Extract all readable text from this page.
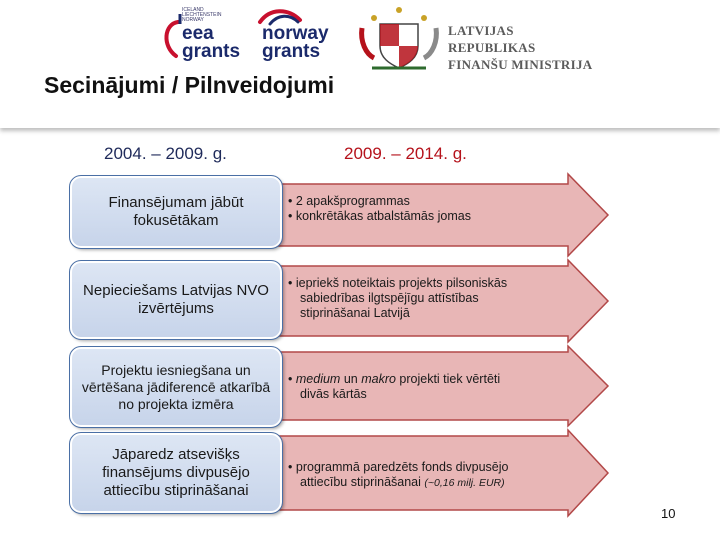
ICELAND LIECHTENSTEIN NORWAY
eea
grants
norway
grants
LATVIJAS REPUBLIKAS
FINANŠU MINISTRIJA
Secinājumi / Pilnveidojumi
2004. – 2009. g.	2009. – 2014. g.
• 2 apakšprogrammas
• konkrētākas atbalstāmās jomas
Finansējumam jābūt fokusētākam
• iepriekš noteiktais projekts pilsoniskās
sabiedrības ilgtspējīgu attīstības
stiprināšanai Latvijā
Nepieciešams Latvijas NVO izvērtējums
• medium un makro projekti tiek vērtēti
divās kārtās
Projektu iesniegšana un vērtēšana jādiferencē atkarībā no projekta izmēra
• programmā paredzēts fonds divpusējo
attiecību stiprināšanai (~0,16 milj. EUR)
Jāparedz atsevišķs finansējums divpusējo attiecību stiprināšanai
10
